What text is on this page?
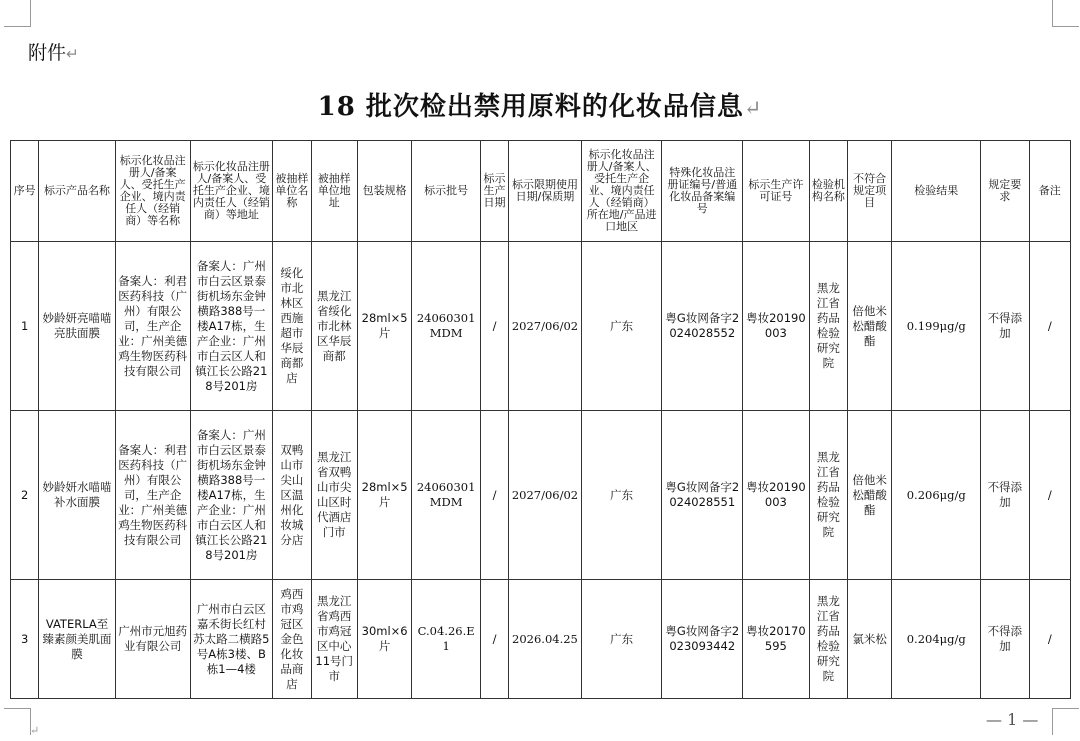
附件↵
18 批次检出禁用原料的化妆品信息↵
序号	标示产品名称	标示化妆品注册人/备案人、受托生产企业、境内责任人（经销商）等名称	标示化妆品注册人/备案人、受托生产企业、境内责任人（经销商）等地址	被抽样单位名称	被抽样单位地址	包装规格	标示批号	标示生产日期	标示限期使用日期/保质期	标示化妆品注册人/备案人、受托生产企业、境内责任人（经销商）所在地/产品进口地区	特殊化妆品注册证编号/普通化妆品备案编号	标示生产许可证号	检验机构名称	不符合规定项目	检验结果	规定要求	备注
1	妙龄妍亮喵喵亮肤面膜	备案人：利君医药科技（广州）有限公司，生产企业：广州美德鸡生物医药科技有限公司	备案人：广州市白云区景泰街机场东金钟横路388号一楼A17栋，生产企业：广州市白云区人和镇江长公路218号201房	绥化市北林区西施超市华辰商都店	黑龙江省绥化市北林区华辰商都	28ml×5片	24060301MDM	/	2027/06/02	广东	粤G妆网备字2024028552	粤妆20190003	黑龙江省药品检验研究院	倍他米松醋酸酯	0.199μg/g	不得添加	/
2	妙龄妍水喵喵补水面膜	备案人：利君医药科技（广州）有限公司，生产企业：广州美德鸡生物医药科技有限公司	备案人：广州市白云区景泰街机场东金钟横路388号一楼A17栋，生产企业：广州市白云区人和镇江长公路218号201房	双鸭山市尖山区温州化妆城分店	黑龙江省双鸭山市尖山区时代酒店门市	28ml×5片	24060301MDM	/	2027/06/02	广东	粤G妆网备字2024028551	粤妆20190003	黑龙江省药品检验研究院	倍他米松醋酸酯	0.206μg/g	不得添加	/
3	VATERLA至臻素颜美肌面膜	广州市元旭药业有限公司	广州市白云区嘉禾街长红村苏太路二横路5号A栋3楼、B栋1—4楼	鸡西市鸡冠区金色化妆品商店	黑龙江省鸡西市鸡冠区中心11号门市	30ml×6片	C.04.26.E1	/	2026.04.25	广东	粤G妆网备字2023093442	粤妆20170595	黑龙江省药品检验研究院	氯米松	0.204μg/g	不得添加	/
— 1 —
↵
